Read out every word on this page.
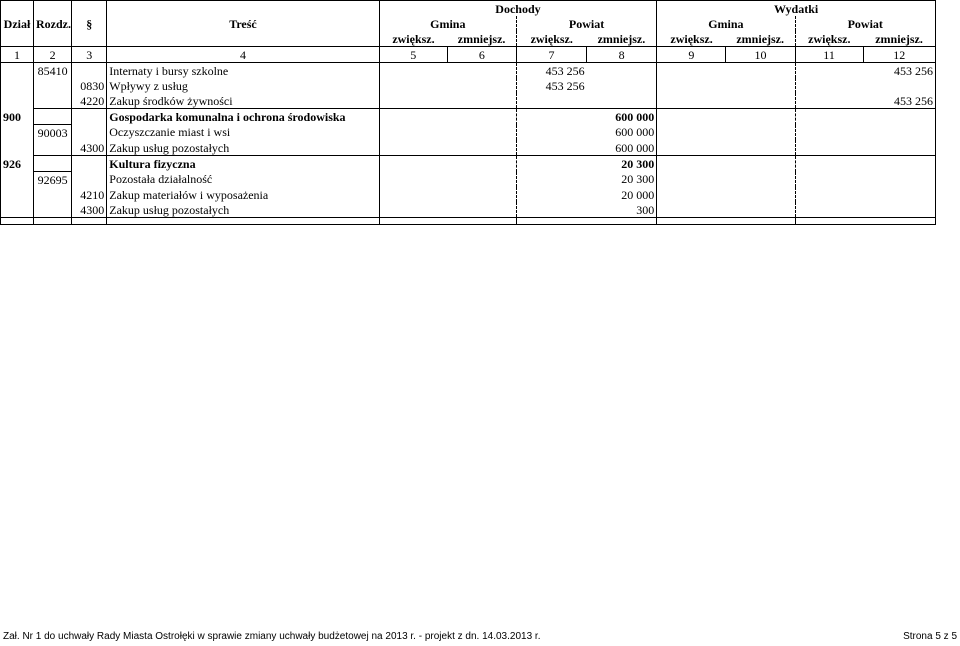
Dział	Rozdz.	§	Treść	Dochody				Wydatki			
				Gmina		Powiat		Gmina		Powiat	
				zwiększ.	zmniejsz.	zwiększ.	zmniejsz.	zwiększ.	zmniejsz.	zwiększ.	zmniejsz.
1	2	3	4	5	6	7	8	9	10	11	12
	85410		Internaty i bursy szkolne			453 256					453 256
		0830	Wpływy z usług			453 256					
		4220	Zakup środków żywności								453 256
900			Gospodarka komunalna i ochrona środowiska				600 000				
	90003		Oczyszczanie miast i wsi				600 000				
		4300	Zakup usług pozostałych				600 000				
926			Kultura fizyczna				20 300				
	92695		Pozostała działalność				20 300				
		4210	Zakup materiałów i wyposażenia				20 000				
		4300	Zakup usług pozostałych				300				

Zał. Nr 1 do uchwały Rady Miasta Ostrołęki w sprawie zmiany uchwały budżetowej na 2013 r. - projekt z dn. 14.03.2013 r.	Strona 5 z 5
